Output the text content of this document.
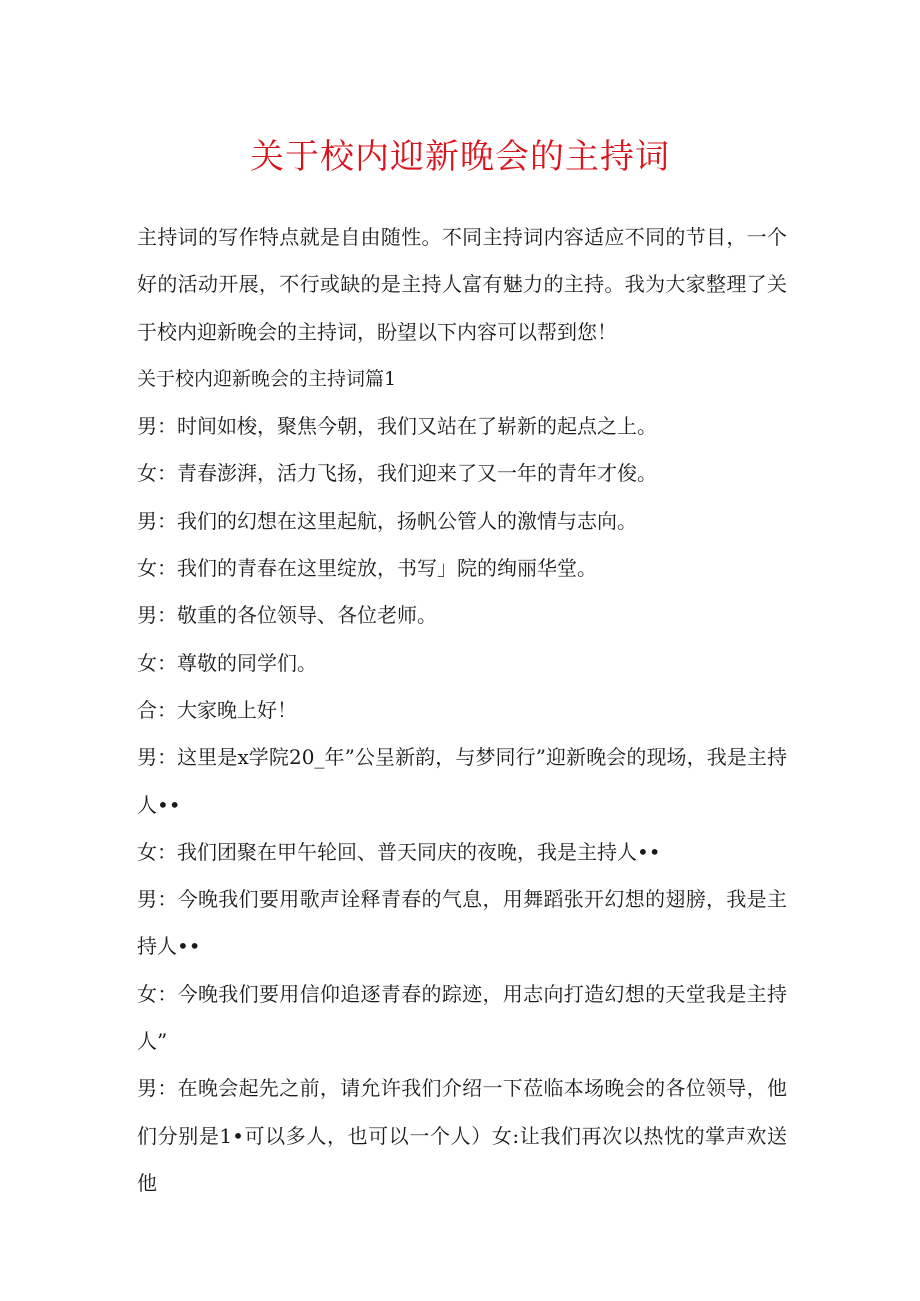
关于校内迎新晚会的主持词

主持词的写作特点就是自由随性。不同主持词内容适应不同的节目，一个好的活动开展，不行或缺的是主持人富有魅力的主持。我为大家整理了关于校内迎新晚会的主持词，盼望以下内容可以帮到您！

关于校内迎新晚会的主持词篇1

男：时间如梭，聚焦今朝，我们又站在了崭新的起点之上。

女：青春澎湃，活力飞扬，我们迎来了又一年的青年才俊。

男：我们的幻想在这里起航，扬帆公管人的激情与志向。

女：我们的青春在这里绽放，书写」院的绚丽华堂。

男：敬重的各位领导、各位老师。

女：尊敬的同学们。

合：大家晚上好！

男：这里是x学院20_年”公呈新韵，与梦同行”迎新晚会的现场，我是主持人••

女：我们团聚在甲午轮回、普天同庆的夜晚，我是主持人••

男：今晚我们要用歌声诠释青春的气息，用舞蹈张开幻想的翅膀，我是主持人••

女：今晚我们要用信仰追逐青春的踪迹，用志向打造幻想的天堂我是主持人”

男：在晚会起先之前，请允许我们介绍一下莅临本场晚会的各位领导，他们分别是1•可以多人，也可以一个人）女:让我们再次以热忱的掌声欢送他
